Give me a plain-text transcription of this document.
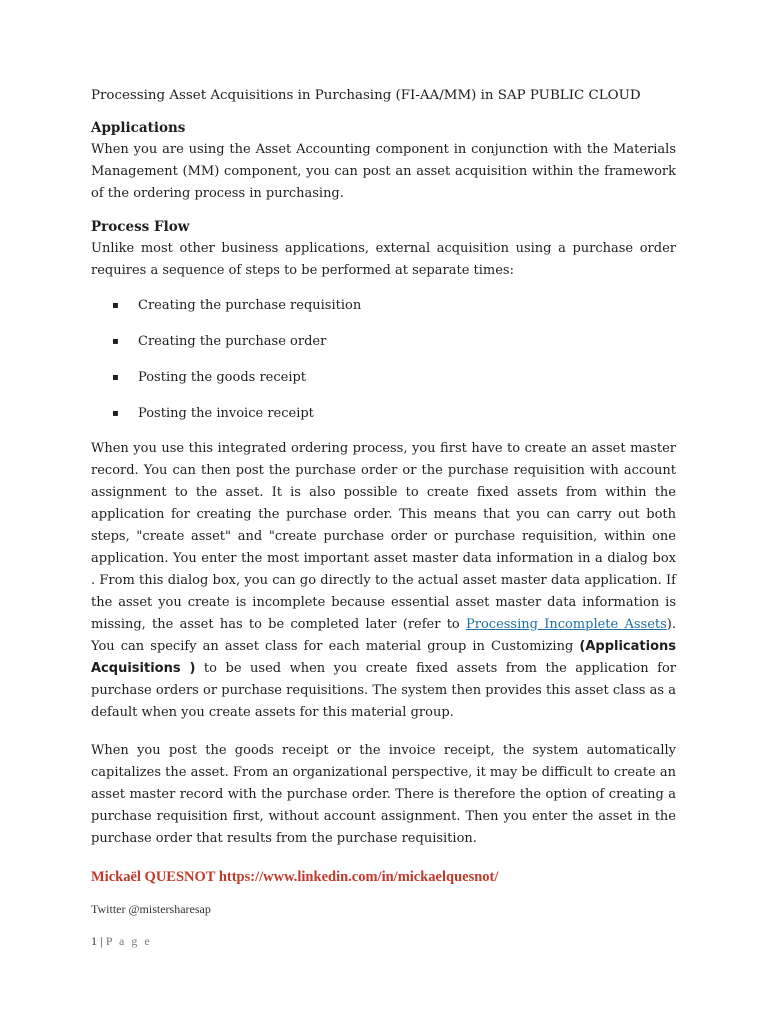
Processing Asset Acquisitions in Purchasing (FI-AA/MM) in SAP PUBLIC CLOUD

Applications

When you are using the Asset Accounting component in conjunction with the Materials Management (MM) component, you can post an asset acquisition within the framework of the ordering process in purchasing.

Process Flow

Unlike most other business applications, external acquisition using a purchase order requires a sequence of steps to be performed at separate times:

▪ Creating the purchase requisition
▪ Creating the purchase order
▪ Posting the goods receipt
▪ Posting the invoice receipt

When you use this integrated ordering process, you first have to create an asset master record. You can then post the purchase order or the purchase requisition with account assignment to the asset. It is also possible to create fixed assets from within the application for creating the purchase order. This means that you can carry out both steps, "create asset" and "create purchase order or purchase requisition, within one application. You enter the most important asset master data information in a dialog box . From this dialog box, you can go directly to the actual asset master data application. If the asset you create is incomplete because essential asset master data information is missing, the asset has to be completed later (refer to Processing Incomplete Assets). You can specify an asset class for each material group in Customizing (Applications Acquisitions ) to be used when you create fixed assets from the application for purchase orders or purchase requisitions. The system then provides this asset class as a default when you create assets for this material group.

When you post the goods receipt or the invoice receipt, the system automatically capitalizes the asset. From an organizational perspective, it may be difficult to create an asset master record with the purchase order. There is therefore the option of creating a purchase requisition first, without account assignment. Then you enter the asset in the purchase order that results from the purchase requisition.

Mickaël QUESNOT https://www.linkedin.com/in/mickaelquesnot/
Twitter @mistersharesap
1 | P a g e
